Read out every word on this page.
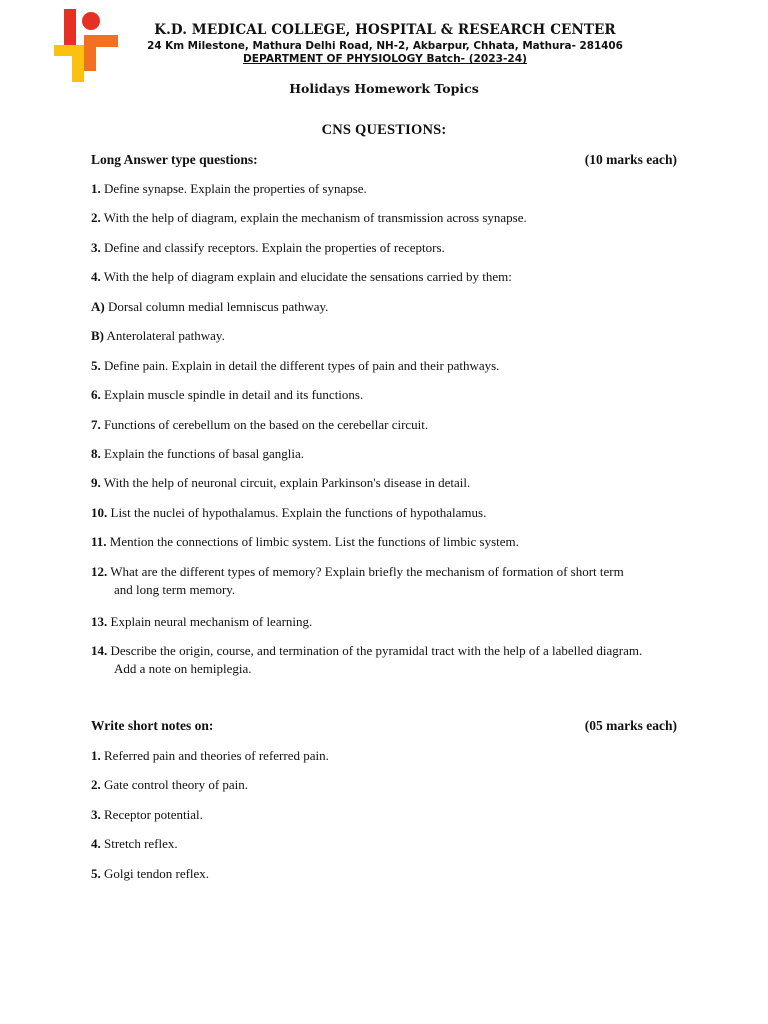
K.D. MEDICAL COLLEGE, HOSPITAL & RESEARCH CENTER
24 Km Milestone, Mathura Delhi Road, NH-2, Akbarpur, Chhata, Mathura- 281406
DEPARTMENT OF PHYSIOLOGY Batch- (2023-24)
Holidays Homework Topics
CNS QUESTIONS:
Long Answer type questions:	(10 marks each)
1. Define synapse. Explain the properties of synapse.
2. With the help of diagram, explain the mechanism of transmission across synapse.
3. Define and classify receptors. Explain the properties of receptors.
4. With the help of diagram explain and elucidate the sensations carried by them:
A) Dorsal column medial lemniscus pathway.
B) Anterolateral pathway.
5. Define pain. Explain in detail the different types of pain and their pathways.
6. Explain muscle spindle in detail and its functions.
7. Functions of cerebellum on the based on the cerebellar circuit.
8. Explain the functions of basal ganglia.
9. With the help of neuronal circuit, explain Parkinson's disease in detail.
10. List the nuclei of hypothalamus. Explain the functions of hypothalamus.
11. Mention the connections of limbic system. List the functions of limbic system.
12. What are the different types of memory? Explain briefly the mechanism of formation of short term
and long term memory.
13. Explain neural mechanism of learning.
14. Describe the origin, course, and termination of the pyramidal tract with the help of a labelled diagram.
Add a note on hemiplegia.
Write short notes on:	(05 marks each)
1. Referred pain and theories of referred pain.
2. Gate control theory of pain.
3. Receptor potential.
4. Stretch reflex.
5. Golgi tendon reflex.
